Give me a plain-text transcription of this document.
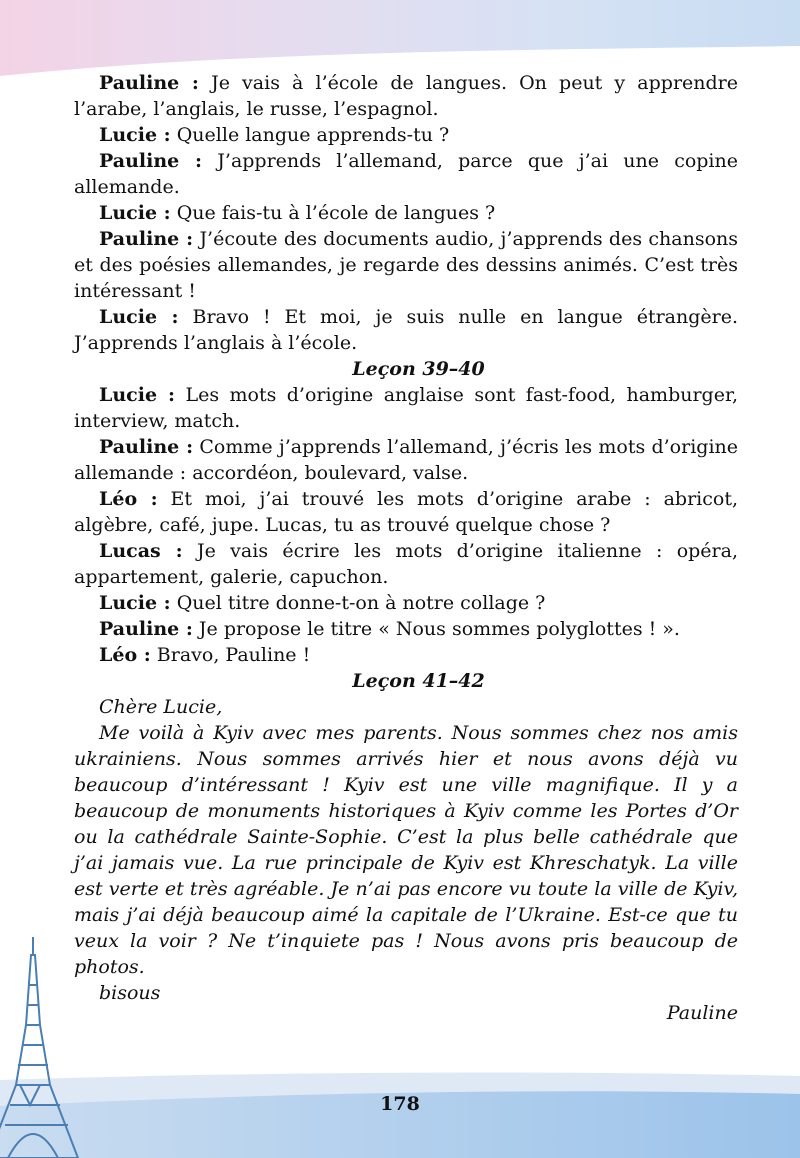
Pauline : Je vais à l’école de langues. On peut y apprendre l’arabe, l’anglais, le russe, l’espagnol.

Lucie : Quelle langue apprends-tu ?

Pauline : J’apprends l’allemand, parce que j’ai une copine allemande.

Lucie : Que fais-tu à l’école de langues ?

Pauline : J’écoute des documents audio, j’apprends des chansons et des poésies allemandes, je regarde des dessins animés. C’est très intéressant !

Lucie : Bravo ! Et moi, je suis nulle en langue étrangère. J’apprends l’anglais à l’école.

Leçon 39–40

Lucie : Les mots d’origine anglaise sont fast-food, hamburger, interview, match.

Pauline : Comme j’apprends l’allemand, j’écris les mots d’origine allemande : accordéon, boulevard, valse.

Léo : Et moi, j’ai trouvé les mots d’origine arabe : abricot, algèbre, café, jupe. Lucas, tu as trouvé quelque chose ?

Lucas : Je vais écrire les mots d’origine italienne : opéra, appartement, galerie, capuchon.

Lucie : Quel titre donne-t-on à notre collage ?

Pauline : Je propose le titre « Nous sommes polyglottes ! ».

Léo : Bravo, Pauline !

Leçon 41–42

Chère Lucie,

Me voilà à Kyiv avec mes parents. Nous sommes chez nos amis ukrainiens. Nous sommes arrivés hier et nous avons déjà vu beaucoup d’intéressant ! Kyiv est une ville magnifique. Il y a beaucoup de monuments historiques à Kyiv comme les Portes d’Or ou la cathédrale Sainte-Sophie. C’est la plus belle cathédrale que j’ai jamais vue. La rue principale de Kyiv est Khreschatyk. La ville est verte et très agréable. Je n’ai pas encore vu toute la ville de Kyiv, mais j’ai déjà beaucoup aimé la capitale de l’Ukraine. Est-ce que tu veux la voir ? Ne t’inquiete pas ! Nous avons pris beaucoup de photos.

bisous

Pauline

178
